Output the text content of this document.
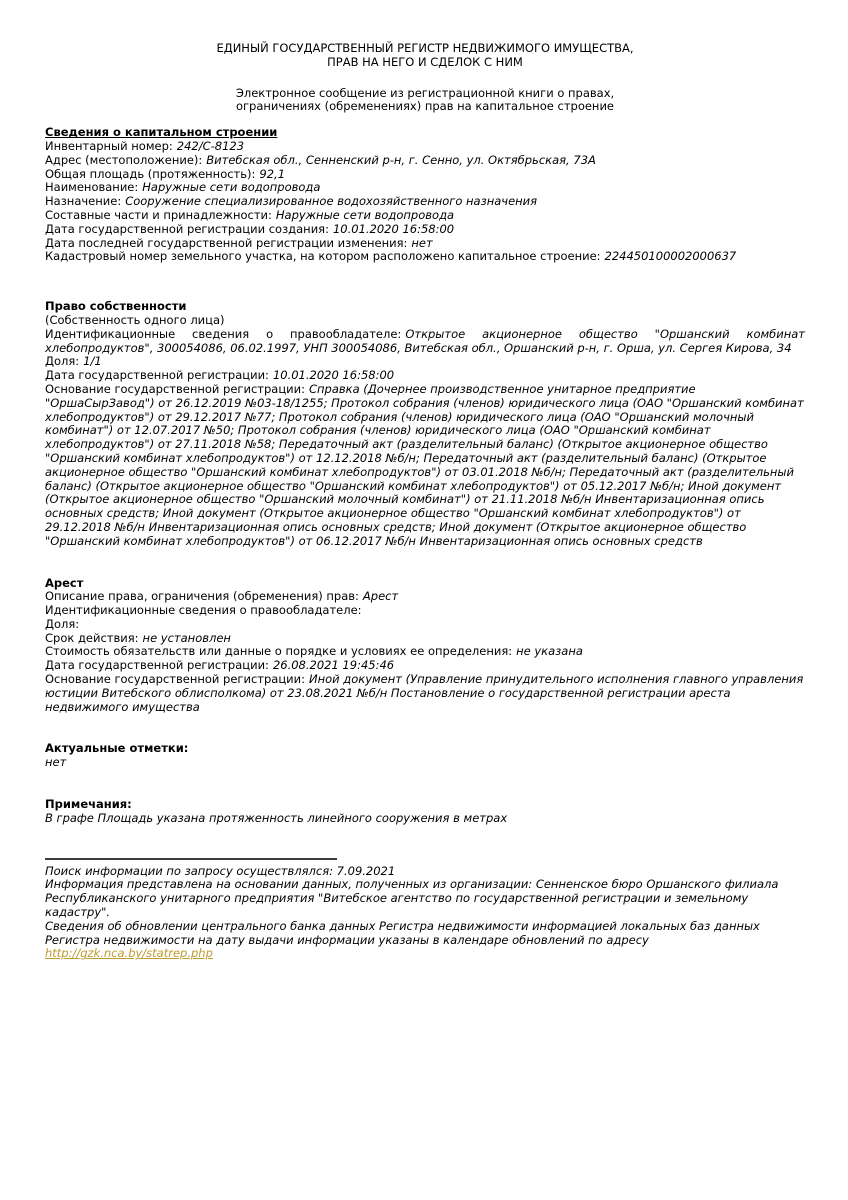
ЕДИНЫЙ ГОСУДАРСТВЕННЫЙ РЕГИСТР НЕДВИЖИМОГО ИМУЩЕСТВА,
ПРАВ НА НЕГО И СДЕЛОК С НИМ
Электронное сообщение из регистрационной книги о правах,
ограничениях (обременениях) прав на капитальное строение
Сведения о капитальном строении
Инвентарный номер: 242/С-8123
Адрес (местоположение): Витебская обл., Сенненский р-н, г. Сенно, ул. Октябрьская, 73А
Общая площадь (протяженность): 92,1
Наименование: Наружные сети водопровода
Назначение: Сооружение специализированное водохозяйственного назначения
Составные части и принадлежности: Наружные сети водопровода
Дата государственной регистрации создания: 10.01.2020 16:58:00
Дата последней государственной регистрации изменения: нет
Кадастровый номер земельного участка, на котором расположено капитальное строение: 224450100002000637
Право собственности
(Собственность одного лица)
Идентификационные сведения о правообладателе: Открытое акционерное общество "Оршанский комбинат хлебопродуктов", 300054086, 06.02.1997, УНП 300054086, Витебская обл., Оршанский р-н, г. Орша, ул. Сергея Кирова, 34
Доля: 1/1
Дата государственной регистрации: 10.01.2020 16:58:00
Основание государственной регистрации: Справка (Дочернее производственное унитарное предприятие "ОршаСырЗавод") от 26.12.2019 №03-18/1255; Протокол собрания (членов) юридического лица (ОАО "Оршанский комбинат хлебопродуктов") от 29.12.2017 №77; Протокол собрания (членов) юридического лица (ОАО "Оршанский молочный комбинат") от 12.07.2017 №50; Протокол собрания (членов) юридического лица (ОАО "Оршанский комбинат хлебопродуктов") от 27.11.2018 №58; Передаточный акт (разделительный баланс) (Открытое акционерное общество "Оршанский комбинат хлебопродуктов") от 12.12.2018 №б/н; Передаточный акт (разделительный баланс) (Открытое акционерное общество "Оршанский комбинат хлебопродуктов") от 03.01.2018 №б/н; Передаточный акт (разделительный баланс) (Открытое акционерное общество "Оршанский комбинат хлебопродуктов") от 05.12.2017 №б/н; Иной документ (Открытое акционерное общество "Оршанский молочный комбинат") от 21.11.2018 №б/н Инвентаризационная опись основных средств; Иной документ (Открытое акционерное общество "Оршанский комбинат хлебопродуктов") от 29.12.2018 №б/н Инвентаризационная опись основных средств; Иной документ (Открытое акционерное общество "Оршанский комбинат хлебопродуктов") от 06.12.2017 №б/н Инвентаризационная опись основных средств
Арест
Описание права, ограничения (обременения) прав: Арест
Идентификационные сведения о правообладателе:
Доля:
Срок действия: не установлен
Стоимость обязательств или данные о порядке и условиях ее определения: не указана
Дата государственной регистрации: 26.08.2021 19:45:46
Основание государственной регистрации: Иной документ (Управление принудительного исполнения главного управления юстиции Витебского облисполкома) от 23.08.2021 №б/н Постановление о государственной регистрации ареста недвижимого имущества
Актуальные отметки:
нет
Примечания:
В графе Площадь указана протяженность линейного сооружения в метрах
Поиск информации по запросу осуществлялся: 7.09.2021
Информация представлена на основании данных, полученных из организации: Сенненское бюро Оршанского филиала Республиканского унитарного предприятия "Витебское агентство по государственной регистрации и земельному кадастру".
Сведения об обновлении центрального банка данных Регистра недвижимости информацией локальных баз данных Регистра недвижимости на дату выдачи информации указаны в календаре обновлений по адресу
http://gzk.nca.by/statrep.php
